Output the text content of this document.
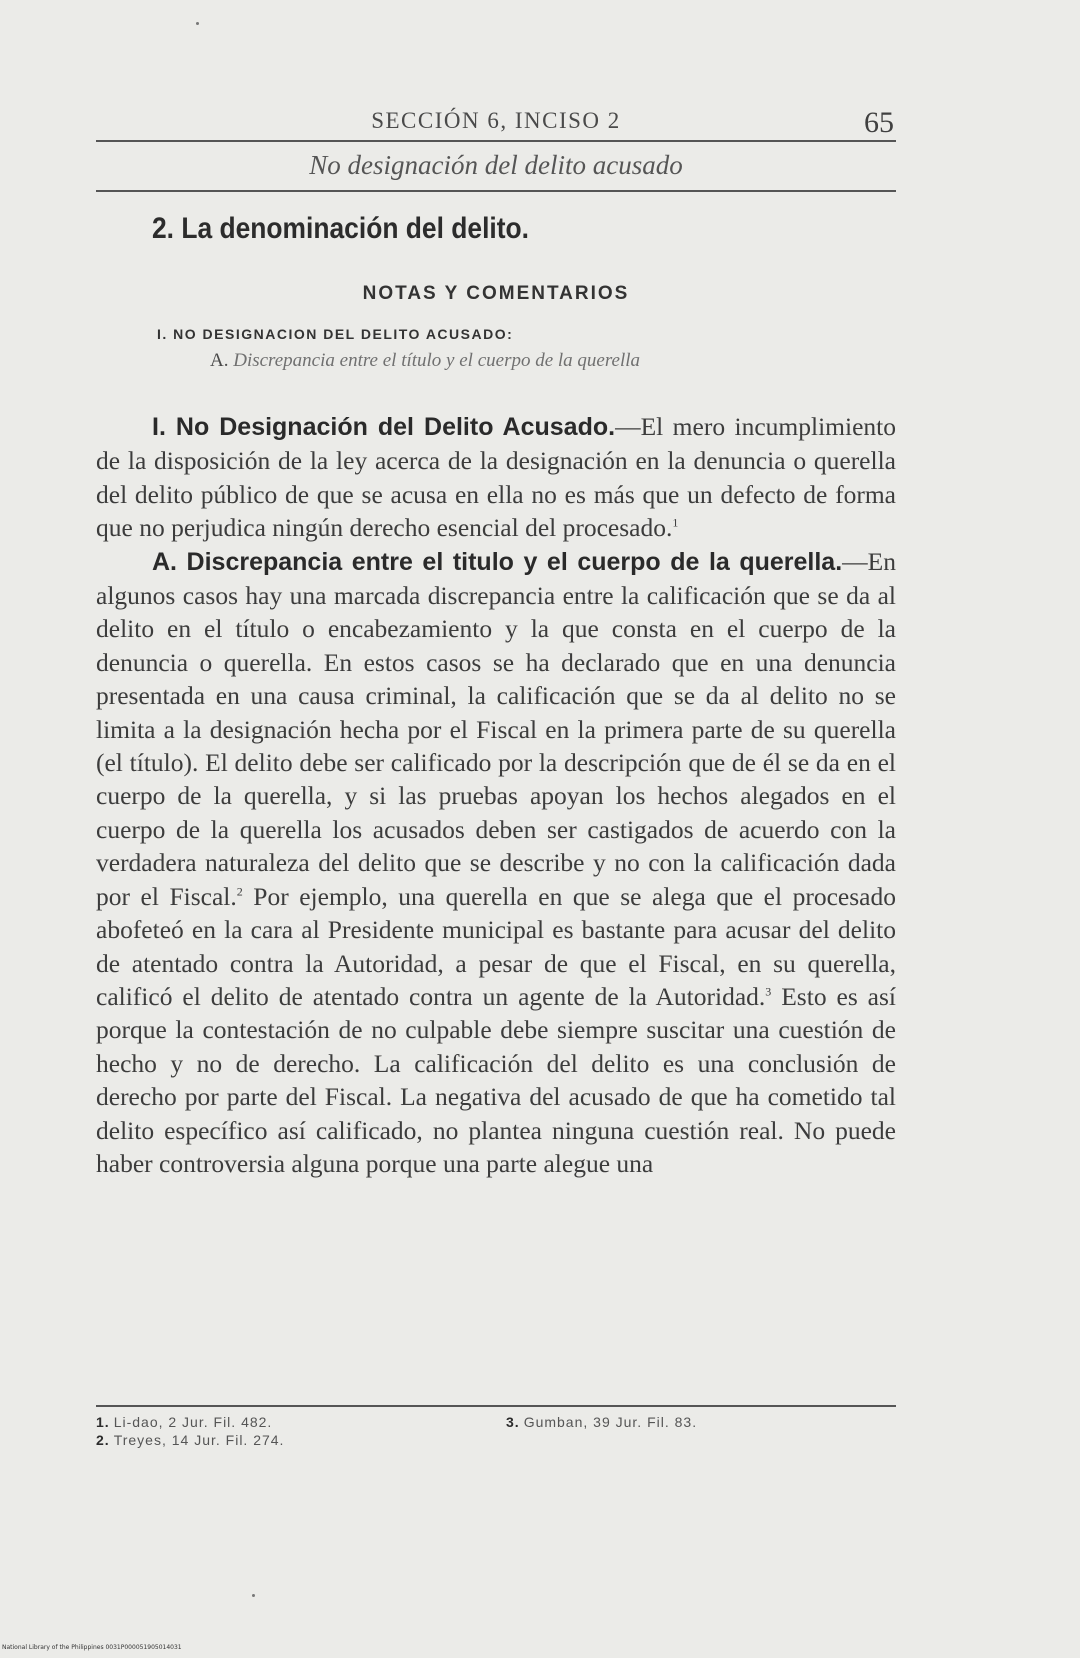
SECCIÓN 6, INCISO 2	65
No designación del delito acusado
2. La denominación del delito.
NOTAS Y COMENTARIOS
I. NO DESIGNACION DEL DELITO ACUSADO:
A. Discrepancia entre el título y el cuerpo de la querella

I. No Designación del Delito Acusado.—El mero incumplimiento de la disposición de la ley acerca de la designación en la denuncia o querella del delito público de que se acusa en ella no es más que un defecto de forma que no perjudica ningún derecho esencial del procesado.$^1$

A. Discrepancia entre el titulo y el cuerpo de la querella.—En algunos casos hay una marcada discrepancia entre la calificación que se da al delito en el título o encabezamiento y la que consta en el cuerpo de la denuncia o querella. En estos casos se ha declarado que en una denuncia presentada en una causa criminal, la calificación que se da al delito no se limita a la designación hecha por el Fiscal en la primera parte de su querella (el título). El delito debe ser calificado por la descripción que de él se da en el cuerpo de la querella, y si las pruebas apoyan los hechos alegados en el cuerpo de la querella los acusados deben ser castigados de acuerdo con la verdadera naturaleza del delito que se describe y no con la calificación dada por el Fiscal.$^2$ Por ejemplo, una querella en que se alega que el procesado abofeteó en la cara al Presidente municipal es bastante para acusar del delito de atentado contra la Autoridad, a pesar de que el Fiscal, en su querella, calificó el delito de atentado contra un agente de la Autoridad.$^3$ Esto es así porque la contestación de no culpable debe siempre suscitar una cuestión de hecho y no de derecho. La calificación del delito es una conclusión de derecho por parte del Fiscal. La negativa del acusado de que ha cometido tal delito específico así calificado, no plantea ninguna cuestión real. No puede haber controversia alguna porque una parte alegue una

1. Li-dao, 2 Jur. Fil. 482.
2. Treyes, 14 Jur. Fil. 274.
3. Gumban, 39 Jur. Fil. 83.
National Library of the Philippines 0031P000051905014031
